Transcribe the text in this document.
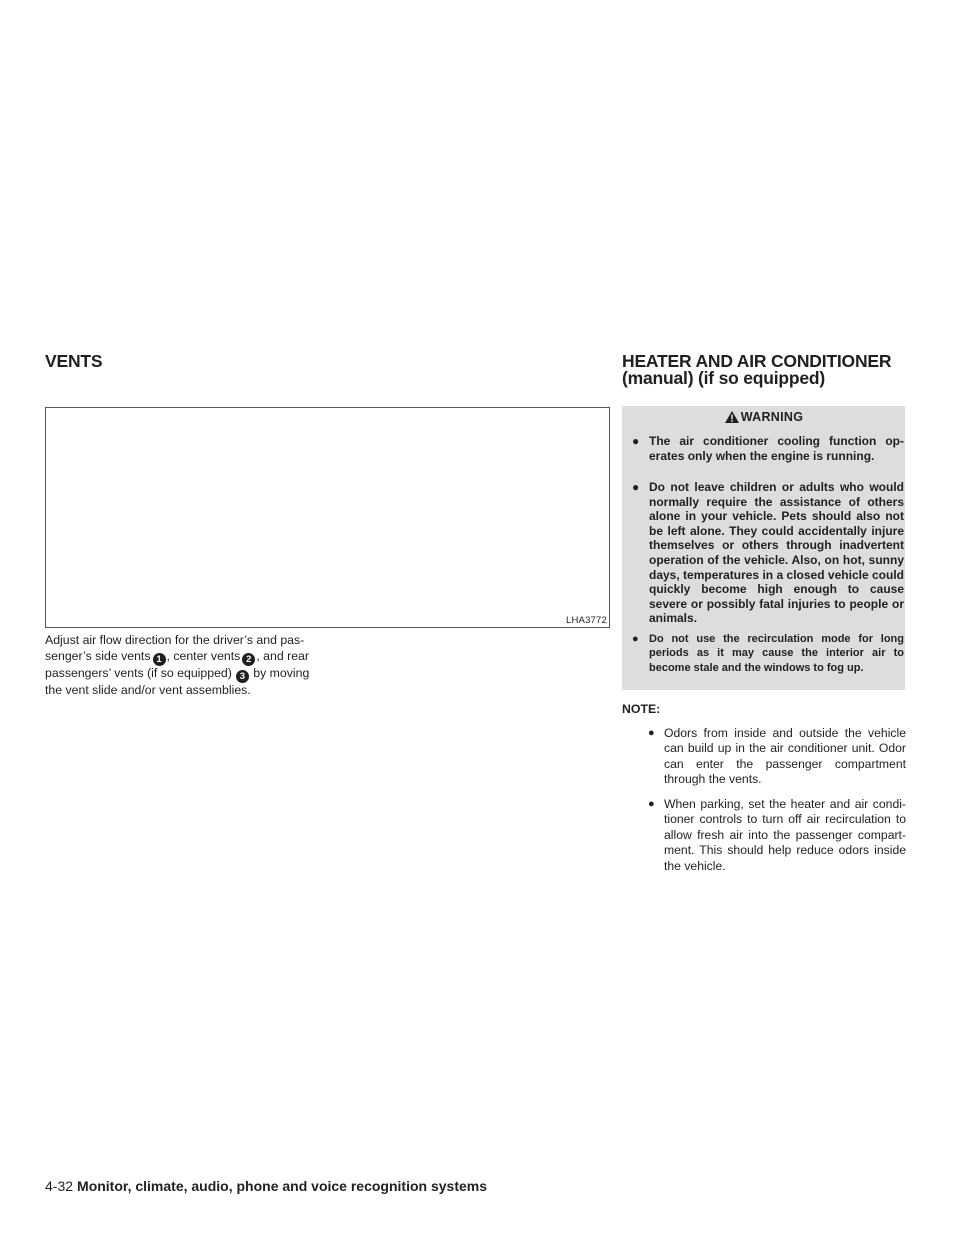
VENTS	HEATER AND AIR CONDITIONER
(manual) (if so equipped)
LHA3772
Adjust air flow direction for the driver’s and pas-
senger’s side vents 1 , center vents 2 , and rear
passengers’ vents (if so equipped) 3 by moving
the vent slide and/or vent assemblies.
WARNING
● The air conditioner cooling function op- erates only when the engine is running.
● Do not leave children or adults who would normally require the assistance of others alone in your vehicle. Pets should also not be left alone. They could accidentally injure themselves or others through inadvertent operation of the vehicle. Also, on hot, sunny days, temperatures in a closed vehicle could quickly become high enough to cause severe or possibly fatal injuries to people or animals.
● Do not use the recirculation mode for long periods as it may cause the interior air to become stale and the windows to fog up.
NOTE:
● Odors from inside and outside the vehicle can build up in the air conditioner unit. Odor can enter the passenger compartment through the vents.
● When parking, set the heater and air condi- tioner controls to turn off air recirculation to allow fresh air into the passenger compart- ment. This should help reduce odors inside the vehicle.
4-32 Monitor, climate, audio, phone and voice recognition systems
